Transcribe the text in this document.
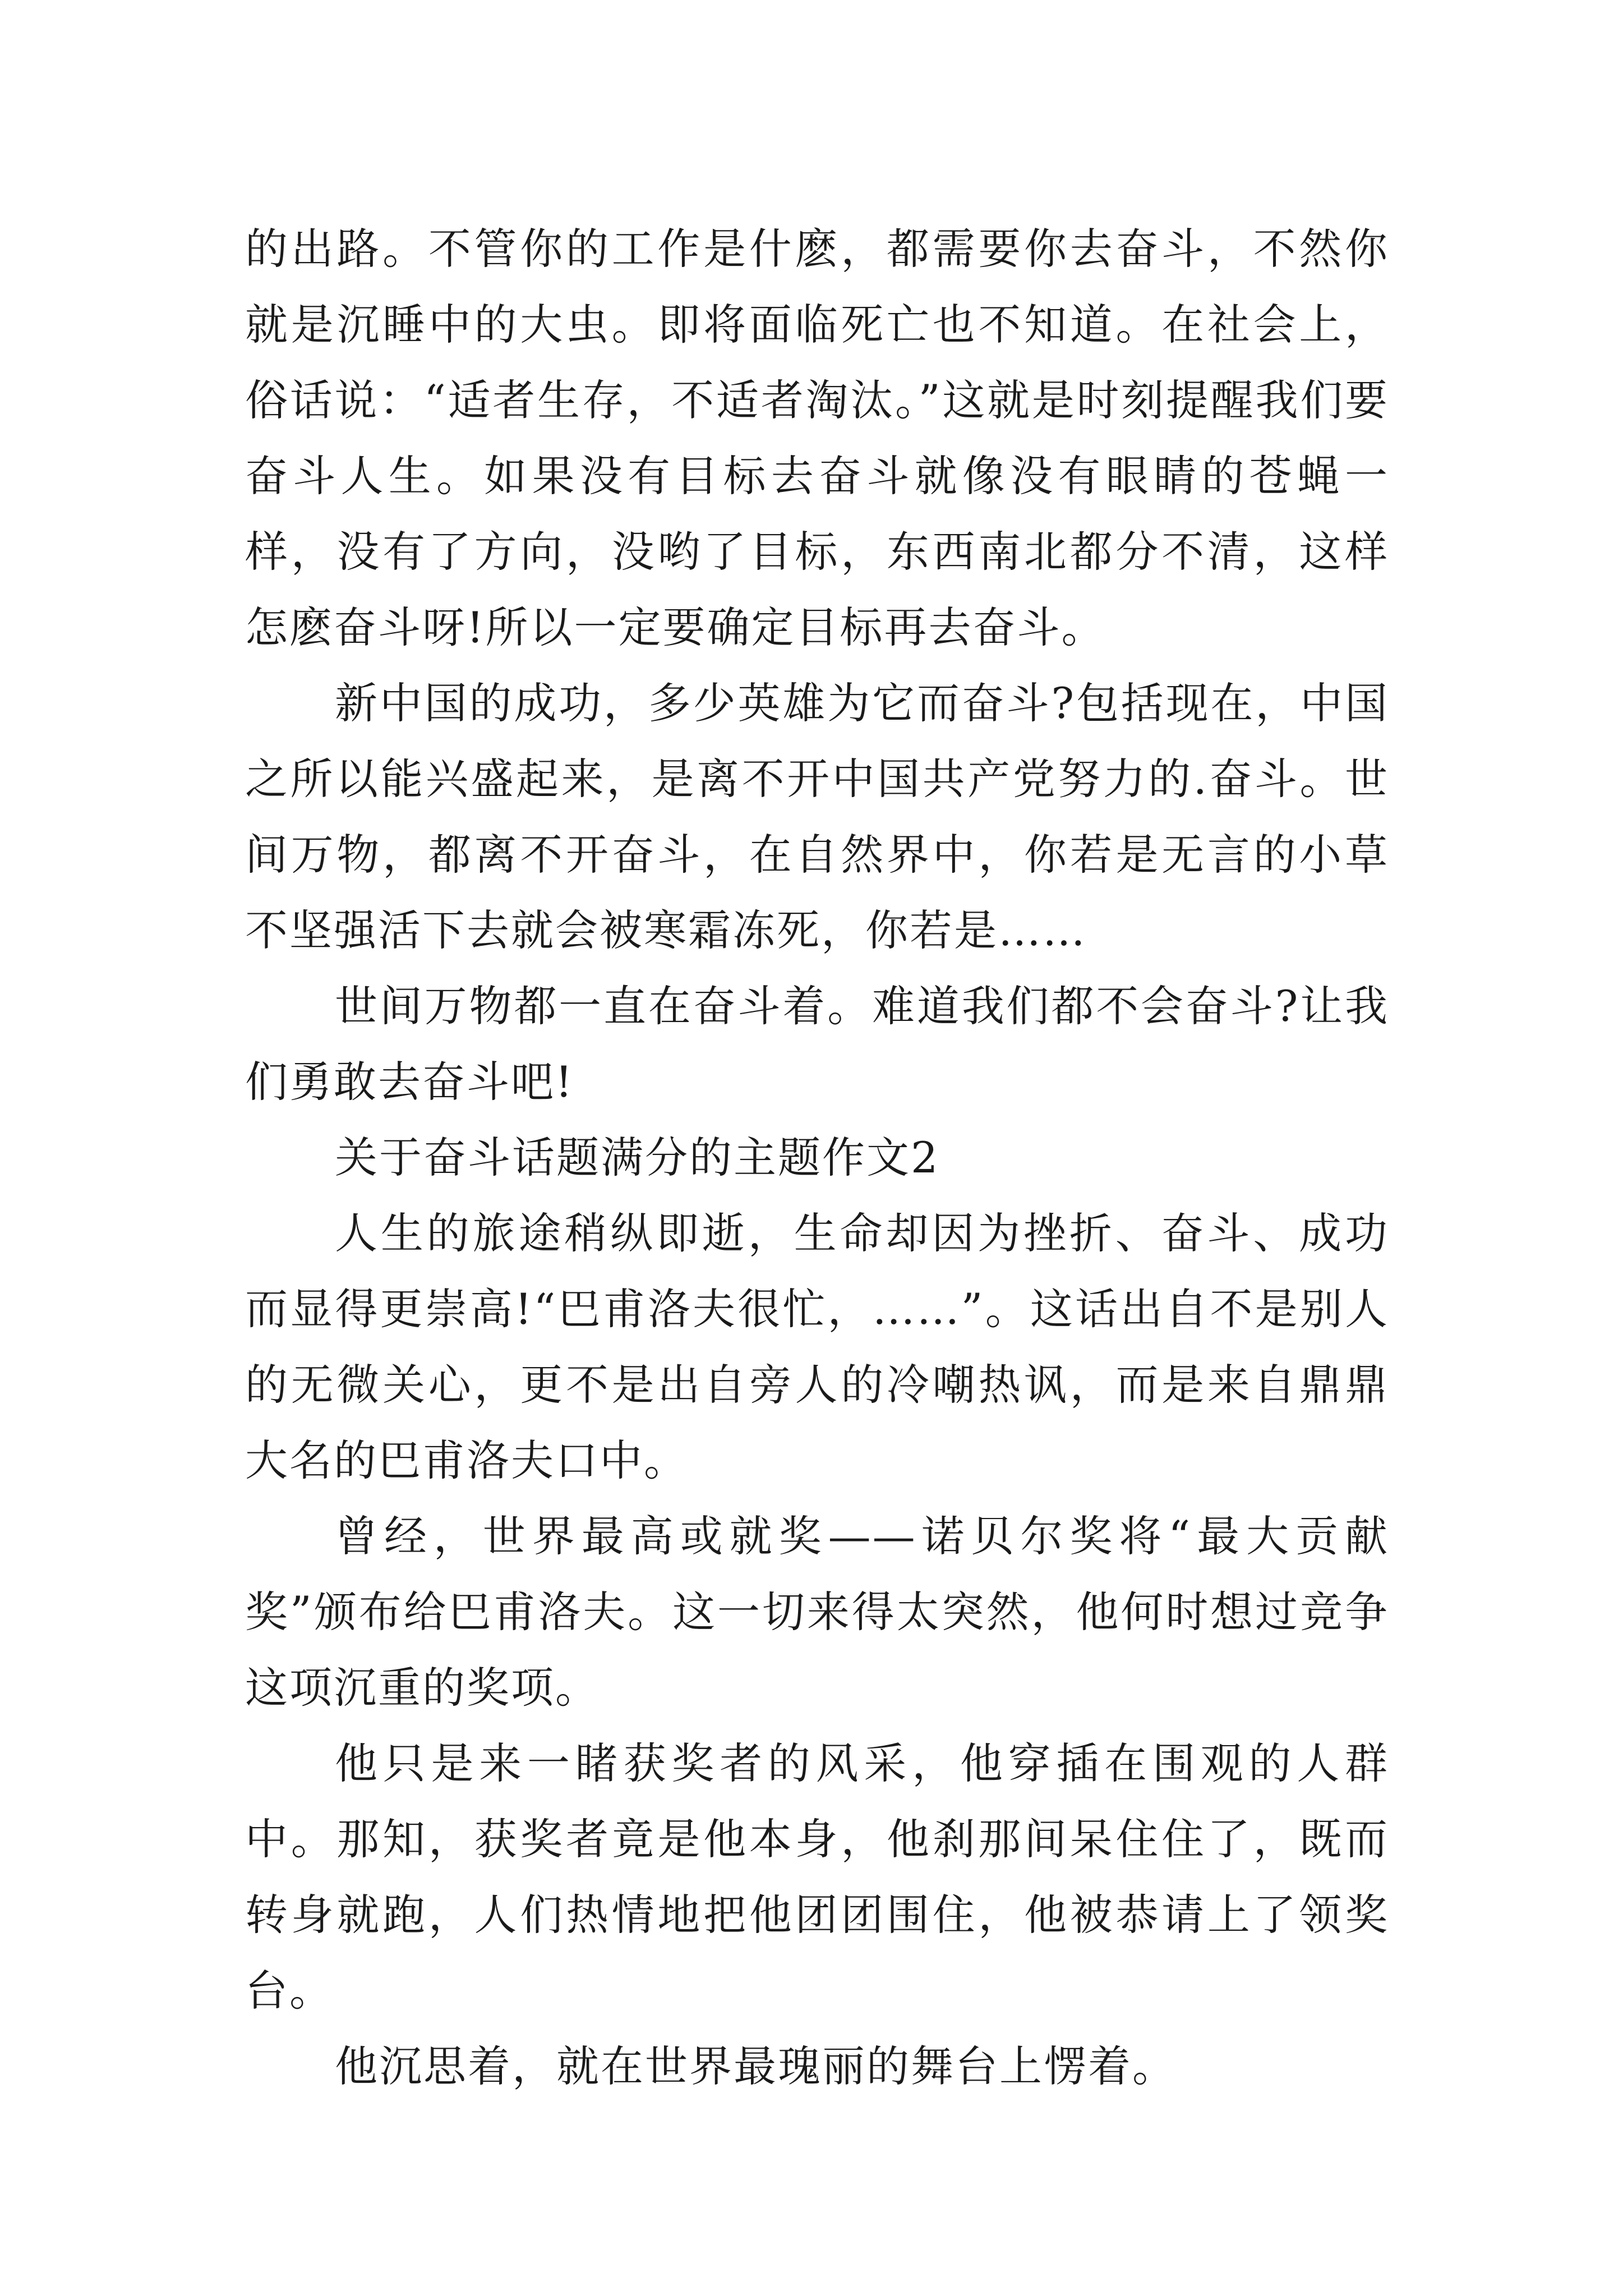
的出路。不管你的工作是什麽，都需要你去奋斗，不然你就是沉睡中的大虫。即将面临死亡也不知道。在社会上，俗话说：“适者生存，不适者淘汰。”这就是时刻提醒我们要奋斗人生。如果没有目标去奋斗就像没有眼睛的苍蝇一样，没有了方向，没哟了目标，东西南北都分不清，这样怎麽奋斗呀!所以一定要确定目标再去奋斗。

新中国的成功，多少英雄为它而奋斗?包括现在，中国之所以能兴盛起来，是离不开中国共产党努力的.奋斗。世间万物，都离不开奋斗，在自然界中，你若是无言的小草不坚强活下去就会被寒霜冻死，你若是……

世间万物都一直在奋斗着。难道我们都不会奋斗?让我们勇敢去奋斗吧!

关于奋斗话题满分的主题作文2

人生的旅途稍纵即逝，生命却因为挫折、奋斗、成功而显得更崇高!“巴甫洛夫很忙，……”。这话出自不是别人的无微关心，更不是出自旁人的冷嘲热讽，而是来自鼎鼎大名的巴甫洛夫口中。

曾经，世界最高或就奖——诺贝尔奖将“最大贡献奖”颁布给巴甫洛夫。这一切来得太突然，他何时想过竞争这项沉重的奖项。

他只是来一睹获奖者的风采，他穿插在围观的人群中。那知，获奖者竟是他本身，他刹那间呆住住了，既而转身就跑，人们热情地把他团团围住，他被恭请上了领奖台。

他沉思着，就在世界最瑰丽的舞台上愣着。
